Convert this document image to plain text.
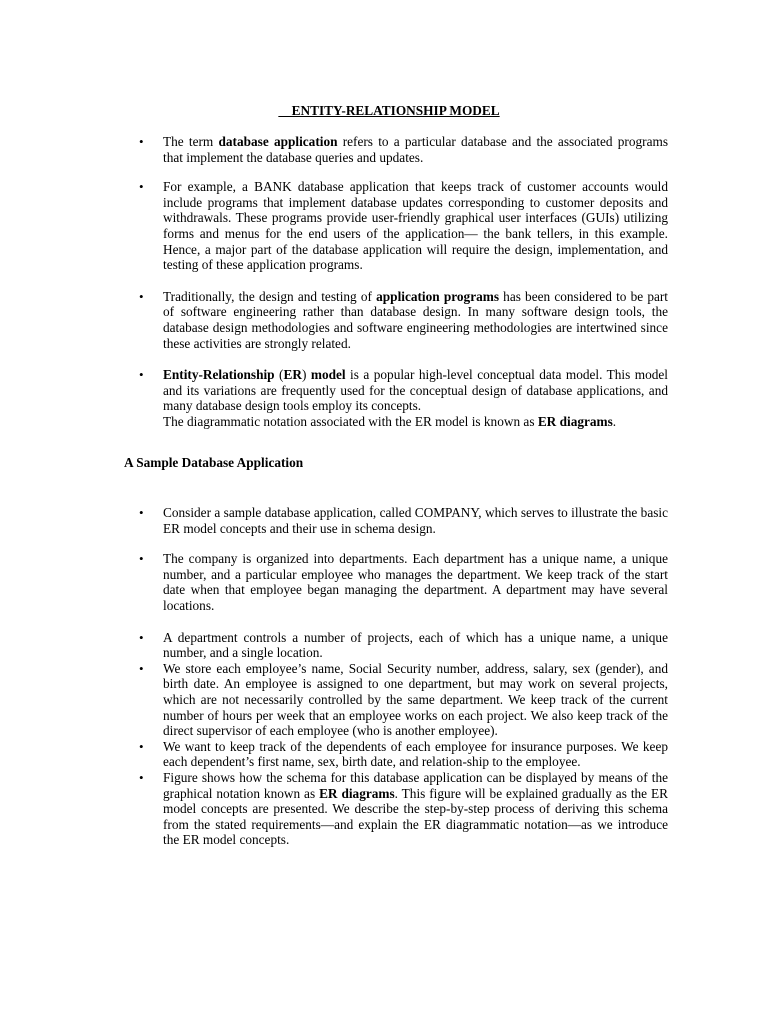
ENTITY-RELATIONSHIP MODEL
• The term database application refers to a particular database and the associated programs that implement the database queries and updates.
• For example, a BANK database application that keeps track of customer accounts would include programs that implement database updates corresponding to customer deposits and withdrawals. These programs provide user-friendly graphical user interfaces (GUIs) utilizing forms and menus for the end users of the application— the bank tellers, in this example. Hence, a major part of the database application will require the design, implementation, and testing of these application programs.
• Traditionally, the design and testing of application programs has been considered to be part of software engineering rather than database design. In many software design tools, the database design methodologies and software engineering methodologies are intertwined since these activities are strongly related.
• Entity-Relationship (ER) model is a popular high-level conceptual data model. This model and its variations are frequently used for the conceptual design of database applications, and many database design tools employ its concepts.
The diagrammatic notation associated with the ER model is known as ER diagrams.
A Sample Database Application
• Consider a sample database application, called COMPANY, which serves to illustrate the basic ER model concepts and their use in schema design.
• The company is organized into departments. Each department has a unique name, a unique number, and a particular employee who manages the department. We keep track of the start date when that employee began managing the department. A department may have several locations.
• A department controls a number of projects, each of which has a unique name, a unique number, and a single location.
• We store each employee’s name, Social Security number, address, salary, sex (gender), and birth date. An employee is assigned to one department, but may work on several projects, which are not necessarily controlled by the same department. We keep track of the current number of hours per week that an employee works on each project. We also keep track of the direct supervisor of each employee (who is another employee).
• We want to keep track of the dependents of each employee for insurance purposes. We keep each dependent’s first name, sex, birth date, and relation-ship to the employee.
• Figure shows how the schema for this database application can be displayed by means of the graphical notation known as ER diagrams. This figure will be explained gradually as the ER model concepts are presented. We describe the step-by-step process of deriving this schema from the stated requirements—and explain the ER diagrammatic notation—as we introduce the ER model concepts.
